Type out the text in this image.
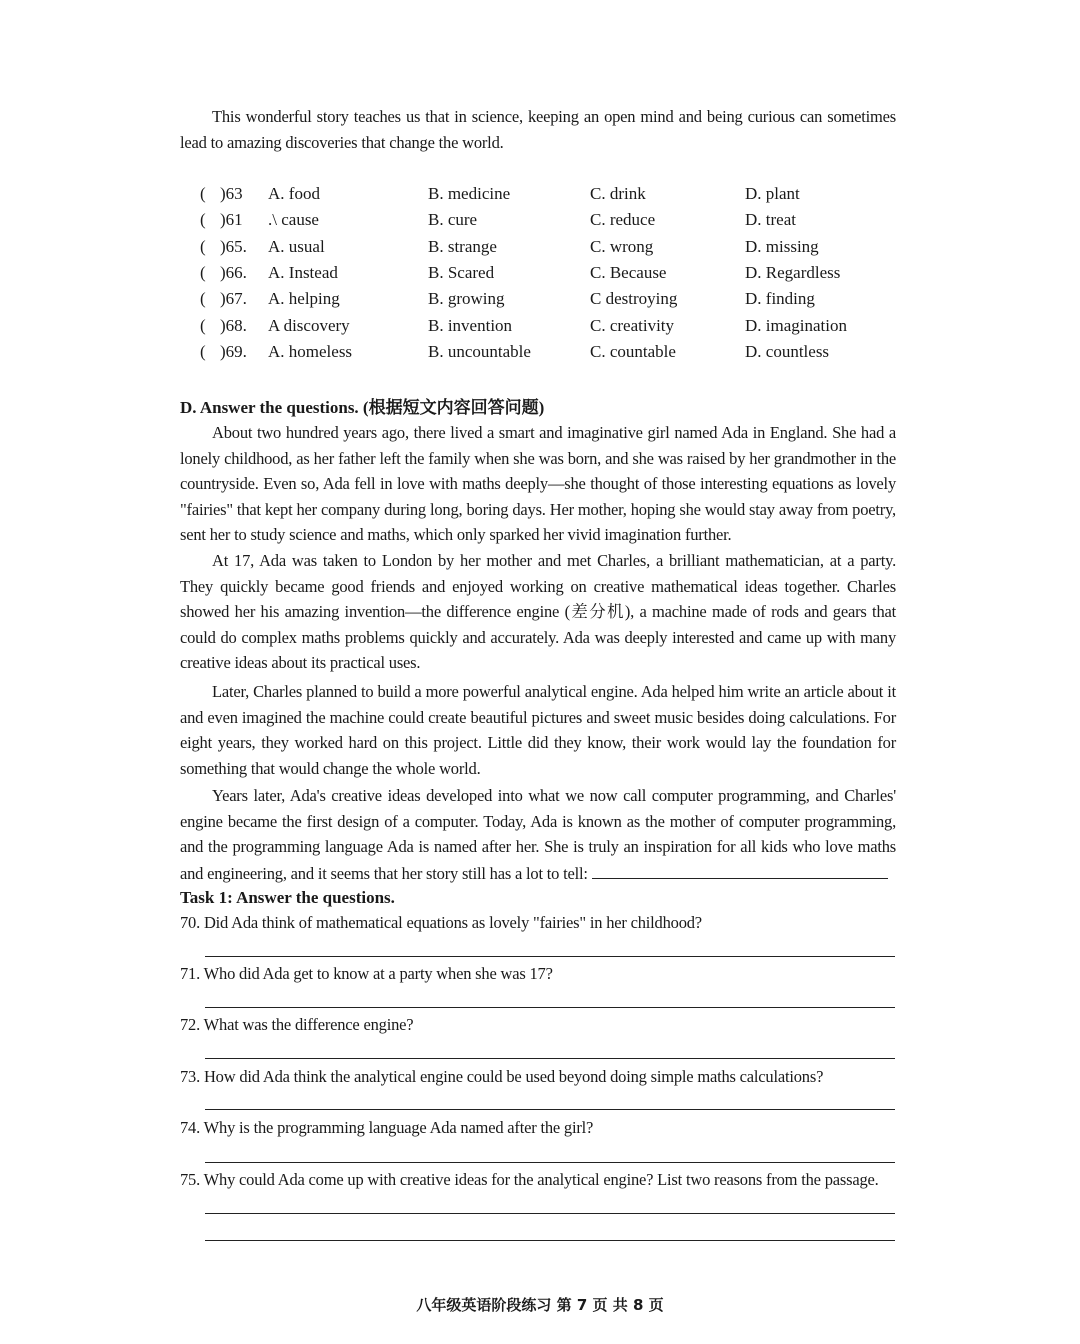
This wonderful story teaches us that in science, keeping an open mind and being curious can sometimes lead to amazing discoveries that change the world.
(	)63	A. food	B. medicine	C. drink	D. plant
(	)61	.\ cause	B. cure	C. reduce	D. treat
(	)65.	A. usual	B. strange	C. wrong	D. missing
(	)66.	A. Instead	B. Scared	C. Because	D. Regardless
(	)67.	A. helping	B. growing	C destroying	D. finding
(	)68.	A discovery	B. invention	C. creativity	D. imagination
(	)69.	A. homeless	B. uncountable	C. countable	D. countless
D. Answer the questions. (根据短文内容回答问题)
About two hundred years ago, there lived a smart and imaginative girl named Ada in England. She had a lonely childhood, as her father left the family when she was born, and she was raised by her grandmother in the countryside. Even so, Ada fell in love with maths deeply—she thought of those interesting equations as lovely "fairies" that kept her company during long, boring days. Her mother, hoping she would stay away from poetry, sent her to study science and maths, which only sparked her vivid imagination further.
At 17, Ada was taken to London by her mother and met Charles, a brilliant mathematician, at a party. They quickly became good friends and enjoyed working on creative mathematical ideas together. Charles showed her his amazing invention—the difference engine (差分机), a machine made of rods and gears that could do complex maths problems quickly and accurately. Ada was deeply interested and came up with many creative ideas about its practical uses.
Later, Charles planned to build a more powerful analytical engine. Ada helped him write an article about it and even imagined the machine could create beautiful pictures and sweet music besides doing calculations. For eight years, they worked hard on this project. Little did they know, their work would lay the foundation for something that would change the whole world.
Years later, Ada's creative ideas developed into what we now call computer programming, and Charles' engine became the first design of a computer. Today, Ada is known as the mother of computer programming, and the programming language Ada is named after her. She is truly an inspiration for all kids who love maths and engineering, and it seems that her story still has a lot to tell:
Task 1: Answer the questions.
70. Did Ada think of mathematical equations as lovely "fairies" in her childhood?
71. Who did Ada get to know at a party when she was 17?
72. What was the difference engine?
73. How did Ada think the analytical engine could be used beyond doing simple maths calculations?
74. Why is the programming language Ada named after the girl?
75. Why could Ada come up with creative ideas for the analytical engine? List two reasons from the passage.
八年级英语阶段练习 第 7 页 共 8 页
